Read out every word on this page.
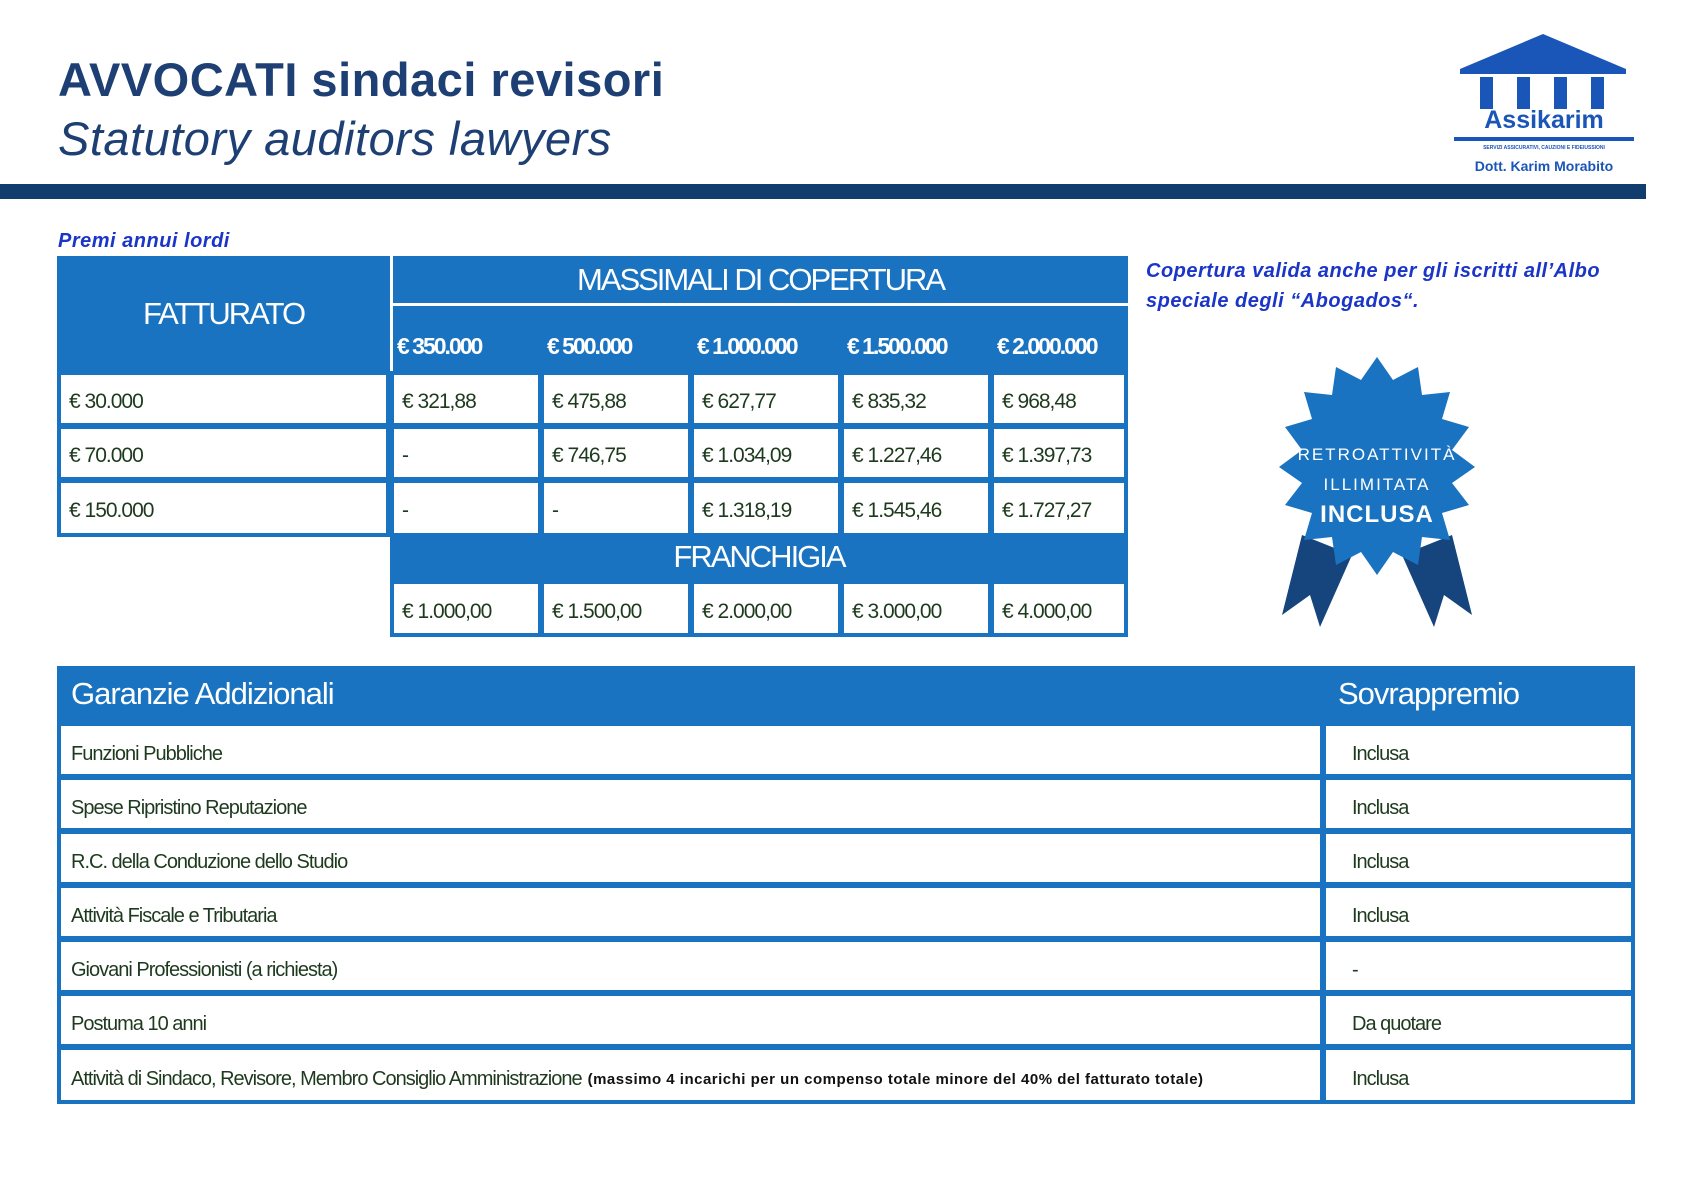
AVVOCATI sindaci revisori
Statutory auditors lawyers	Assikarim
SERVIZI ASSICURATIVI, CAUZIONI E FIDEIUSSIONI
Dott. Karim Morabito
Premi annui lordi
Copertura valida anche per gli iscritti all’Albo speciale degli “Abogados“.
FATTURATO
MASSIMALI DI COPERTURA
€ 350.000	€ 500.000	€ 1.000.000	€ 1.500.000	€ 2.000.000
€ 30.000	€ 321,88	€ 475,88	€ 627,77	€ 835,32	€ 968,48
€ 70.000	-	€ 746,75	€ 1.034,09	€ 1.227,46	€ 1.397,73
€ 150.000	-	-	€ 1.318,19	€ 1.545,46	€ 1.727,27
FRANCHIGIA
€ 1.000,00	€ 1.500,00	€ 2.000,00	€ 3.000,00	€ 4.000,00
RETROATTIVITÀ
ILLIMITATA
INCLUSA
Garanzie Addizionali	Sovrappremio
Funzioni Pubbliche	Inclusa
Spese Ripristino Reputazione	Inclusa
R.C. della Conduzione dello Studio	Inclusa
Attività Fiscale e Tributaria	Inclusa
Giovani Professionisti (a richiesta)	-
Postuma 10 anni	Da quotare
Attività di Sindaco, Revisore, Membro Consiglio Amministrazione (massimo 4 incarichi per un compenso totale minore del 40% del fatturato totale)	Inclusa
